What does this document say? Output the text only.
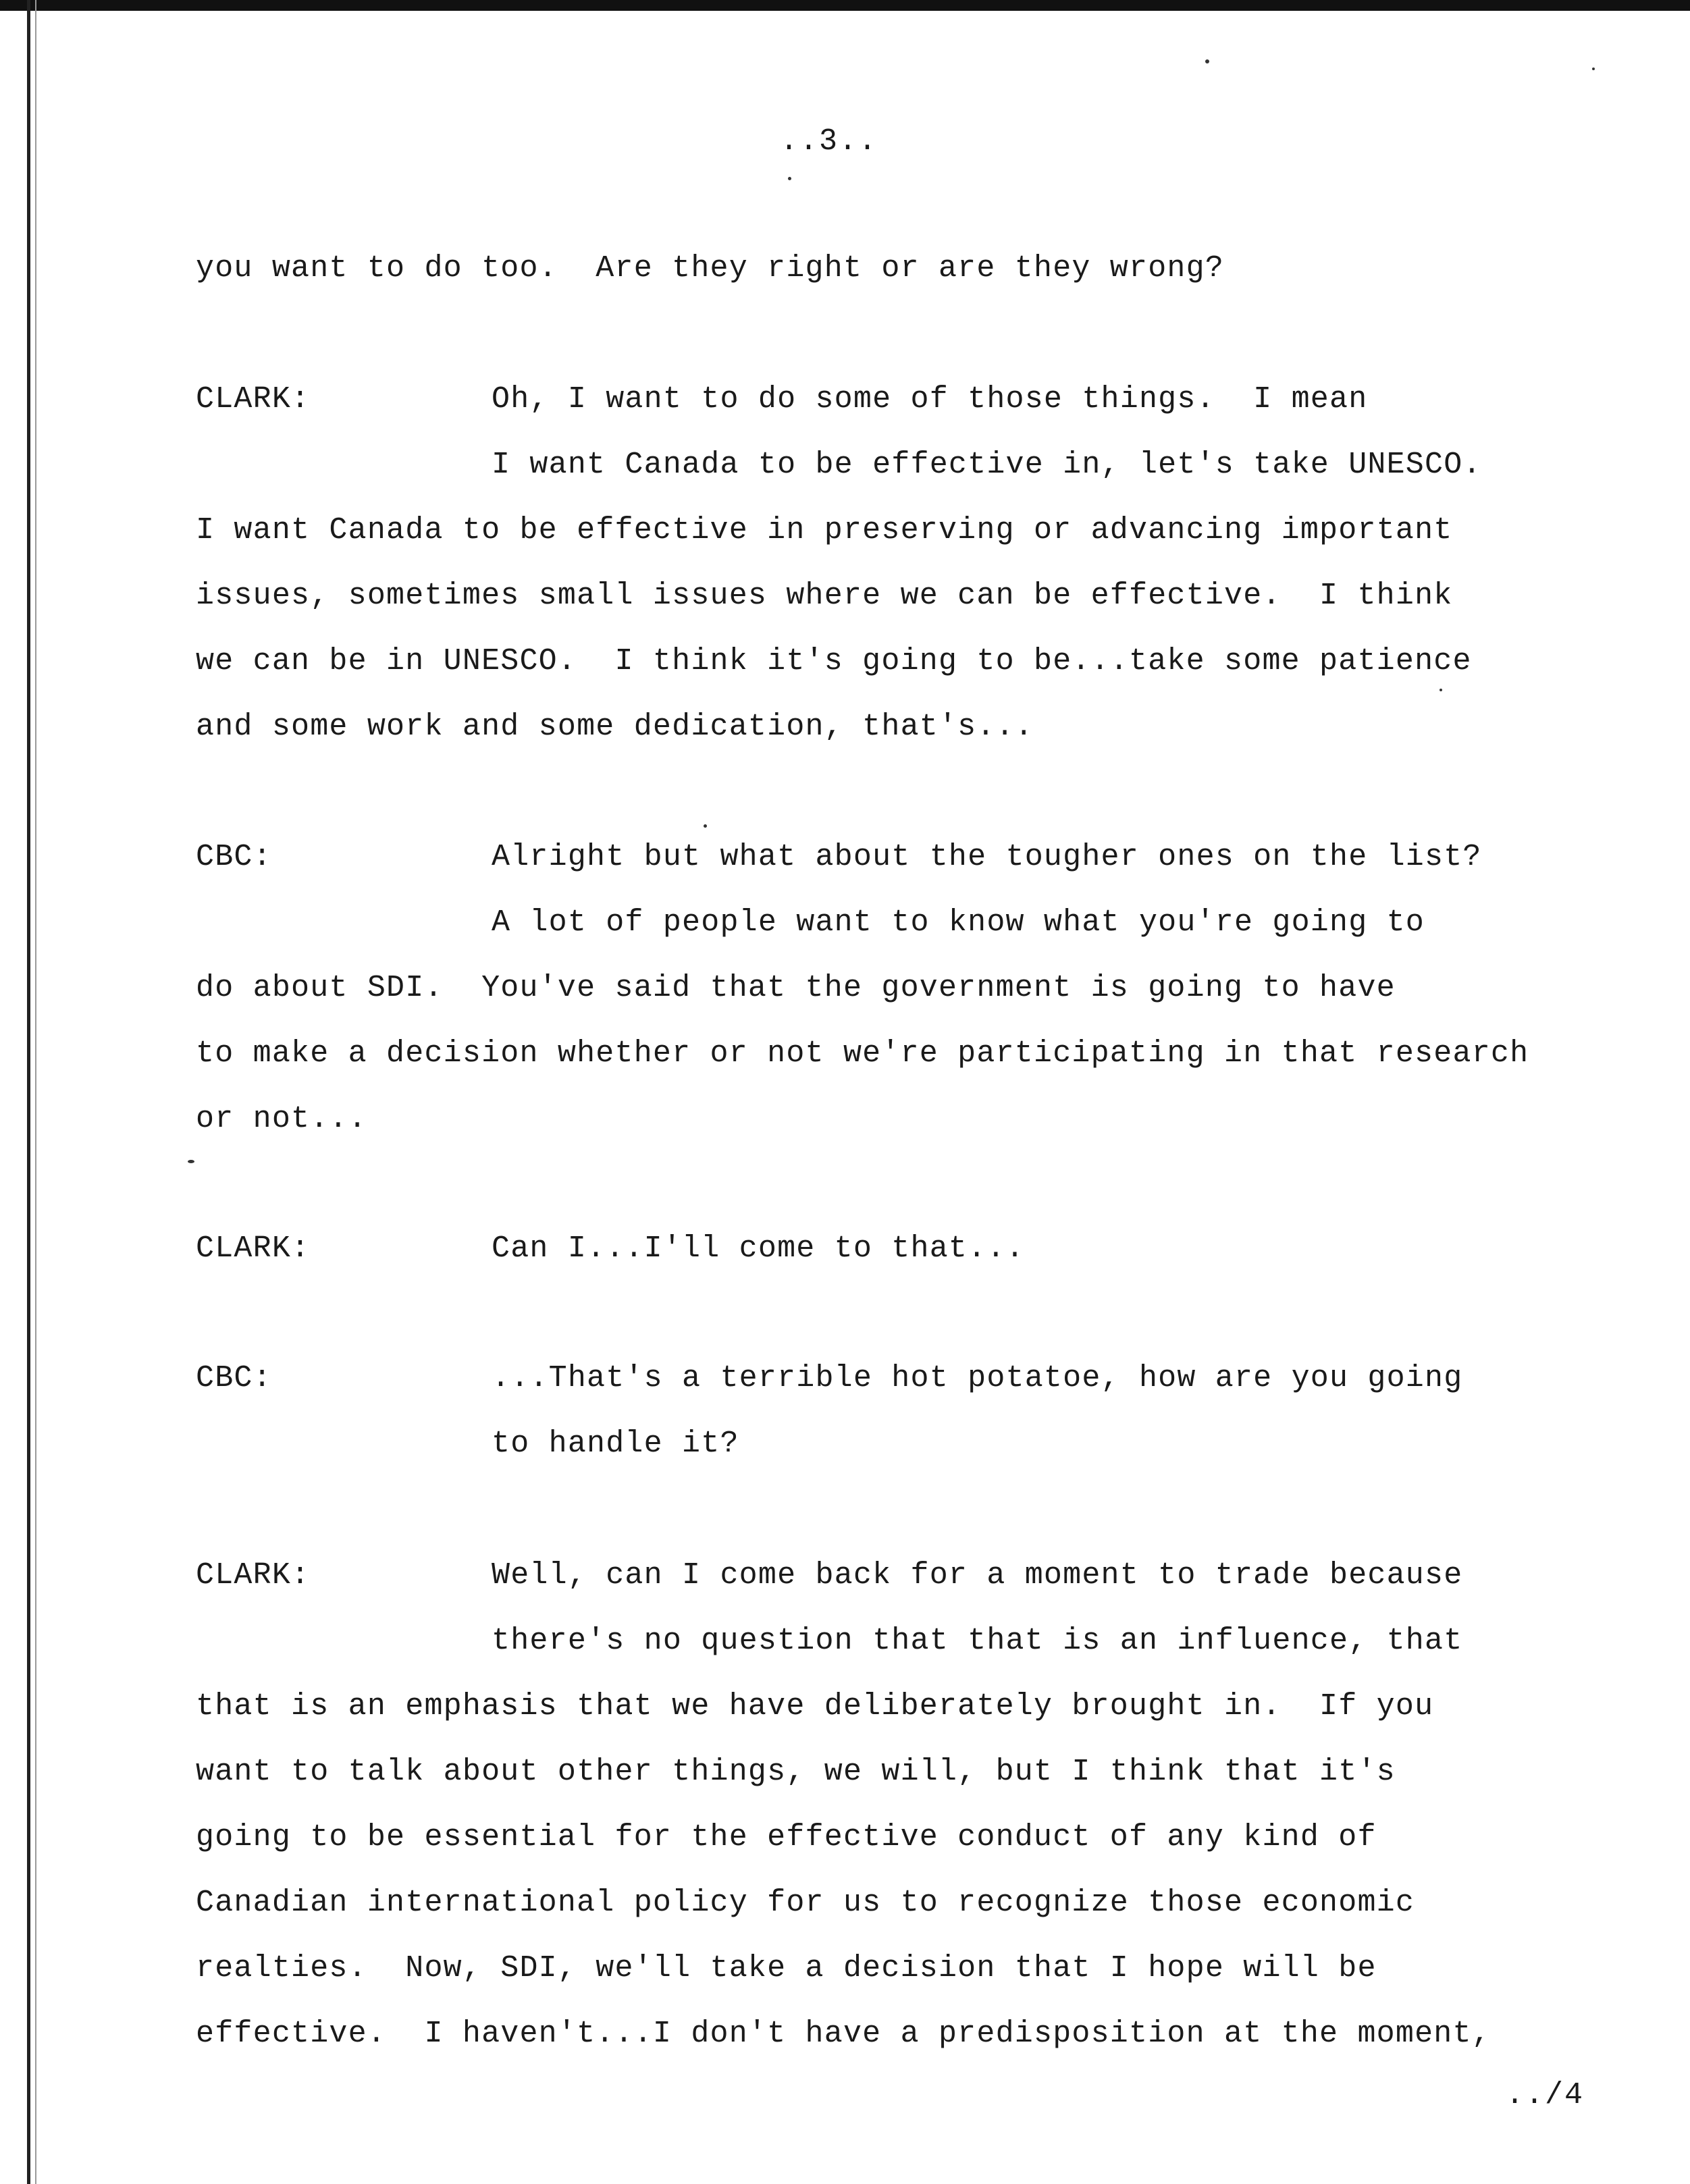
..3..
you want to do too.  Are they right or are they wrong?
CLARK:	Oh, I want to do some of those things.  I mean
I want Canada to be effective in, let's take UNESCO.
I want Canada to be effective in preserving or advancing important
issues, sometimes small issues where we can be effective.  I think
we can be in UNESCO.  I think it's going to be...take some patience
and some work and some dedication, that's...
CBC:	Alright but what about the tougher ones on the list?
A lot of people want to know what you're going to
do about SDI.  You've said that the government is going to have
to make a decision whether or not we're participating in that research
or not...
CLARK:	Can I...I'll come to that...
CBC:	...That's a terrible hot potatoe, how are you going
to handle it?
CLARK:	Well, can I come back for a moment to trade because
there's no question that that is an influence, that
that is an emphasis that we have deliberately brought in.  If you
want to talk about other things, we will, but I think that it's
going to be essential for the effective conduct of any kind of
Canadian international policy for us to recognize those economic
realties.  Now, SDI, we'll take a decision that I hope will be
effective.  I haven't...I don't have a predisposition at the moment,
../4
